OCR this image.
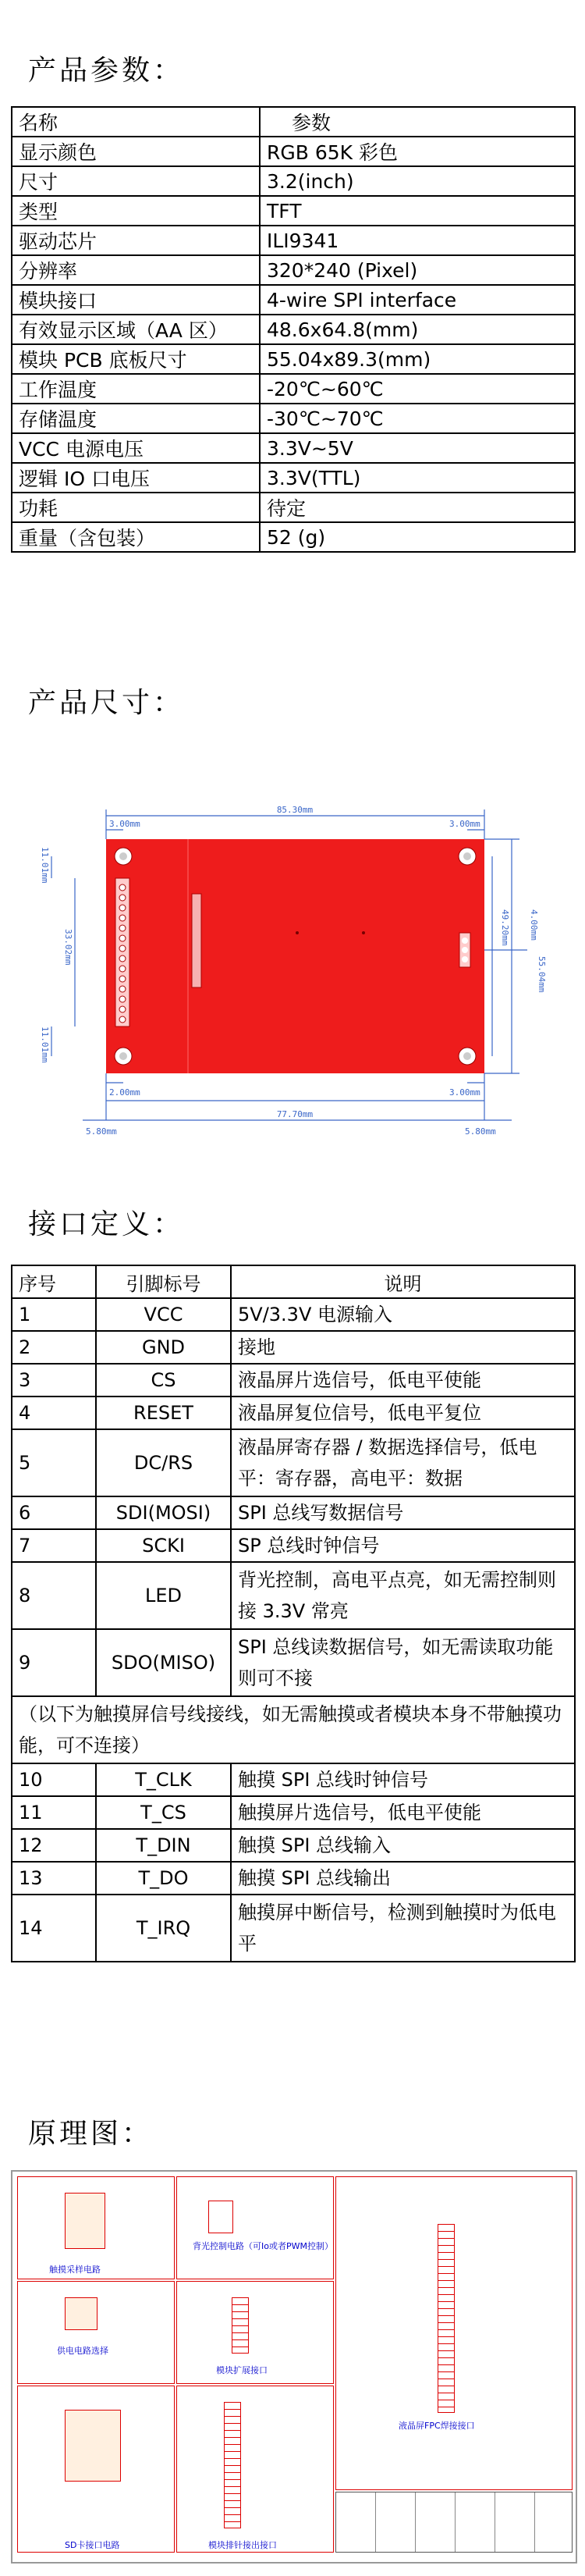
产品参数：
名称	参数
显示颜色	RGB 65K 彩色
尺寸	3.2(inch)
类型	TFT
驱动芯片	ILI9341
分辨率	320*240 (Pixel)
模块接口	4-wire SPI interface
有效显示区域（AA 区）	48.6x64.8(mm)
模块 PCB 底板尺寸	55.04x89.3(mm)
工作温度	-20℃~60℃
存储温度	-30℃~70℃
VCC 电源电压	3.3V~5V
逻辑 IO 口电压	3.3V(TTL)
功耗	待定
重量（含包装）	52 (g)
产品尺寸：
85.30mm
3.00mm	3.00mm
55.04mm
49.20mm
33.02mm
11.01mm
11.01mm
2.00mm
77.70mm
5.80mm	5.80mm
3.00mm
4.00mm
接口定义：
序号	引脚标号	说明
1	VCC	5V/3.3V 电源输入
2	GND	接地
3	CS	液晶屏片选信号，低电平使能
4	RESET	液晶屏复位信号，低电平复位
5	DC/RS	液晶屏寄存器 / 数据选择信号，低电平：寄存器，高电平：数据
6	SDI(MOSI)	SPI 总线写数据信号
7	SCKI	SP 总线时钟信号
8	LED	背光控制，高电平点亮，如无需控制则接 3.3V 常亮
9	SDO(MISO)	SPI 总线读数据信号，如无需读取功能则可不接
（以下为触摸屏信号线接线，如无需触摸或者模块本身不带触摸功能，可不连接）		
10	T_CLK	触摸 SPI 总线时钟信号
11	T_CS	触摸屏片选信号，低电平使能
12	T_DIN	触摸 SPI 总线输入
13	T_DO	触摸 SPI 总线输出
14	T_IRQ	触摸屏中断信号，检测到触摸时为低电平
原理图：
触摸采样电路
背光控制电路（可Io或者PWM控制）
液晶屏FPC焊接接口
供电电路选择
模块扩展接口
SD卡接口电路	模块排针接出接口
